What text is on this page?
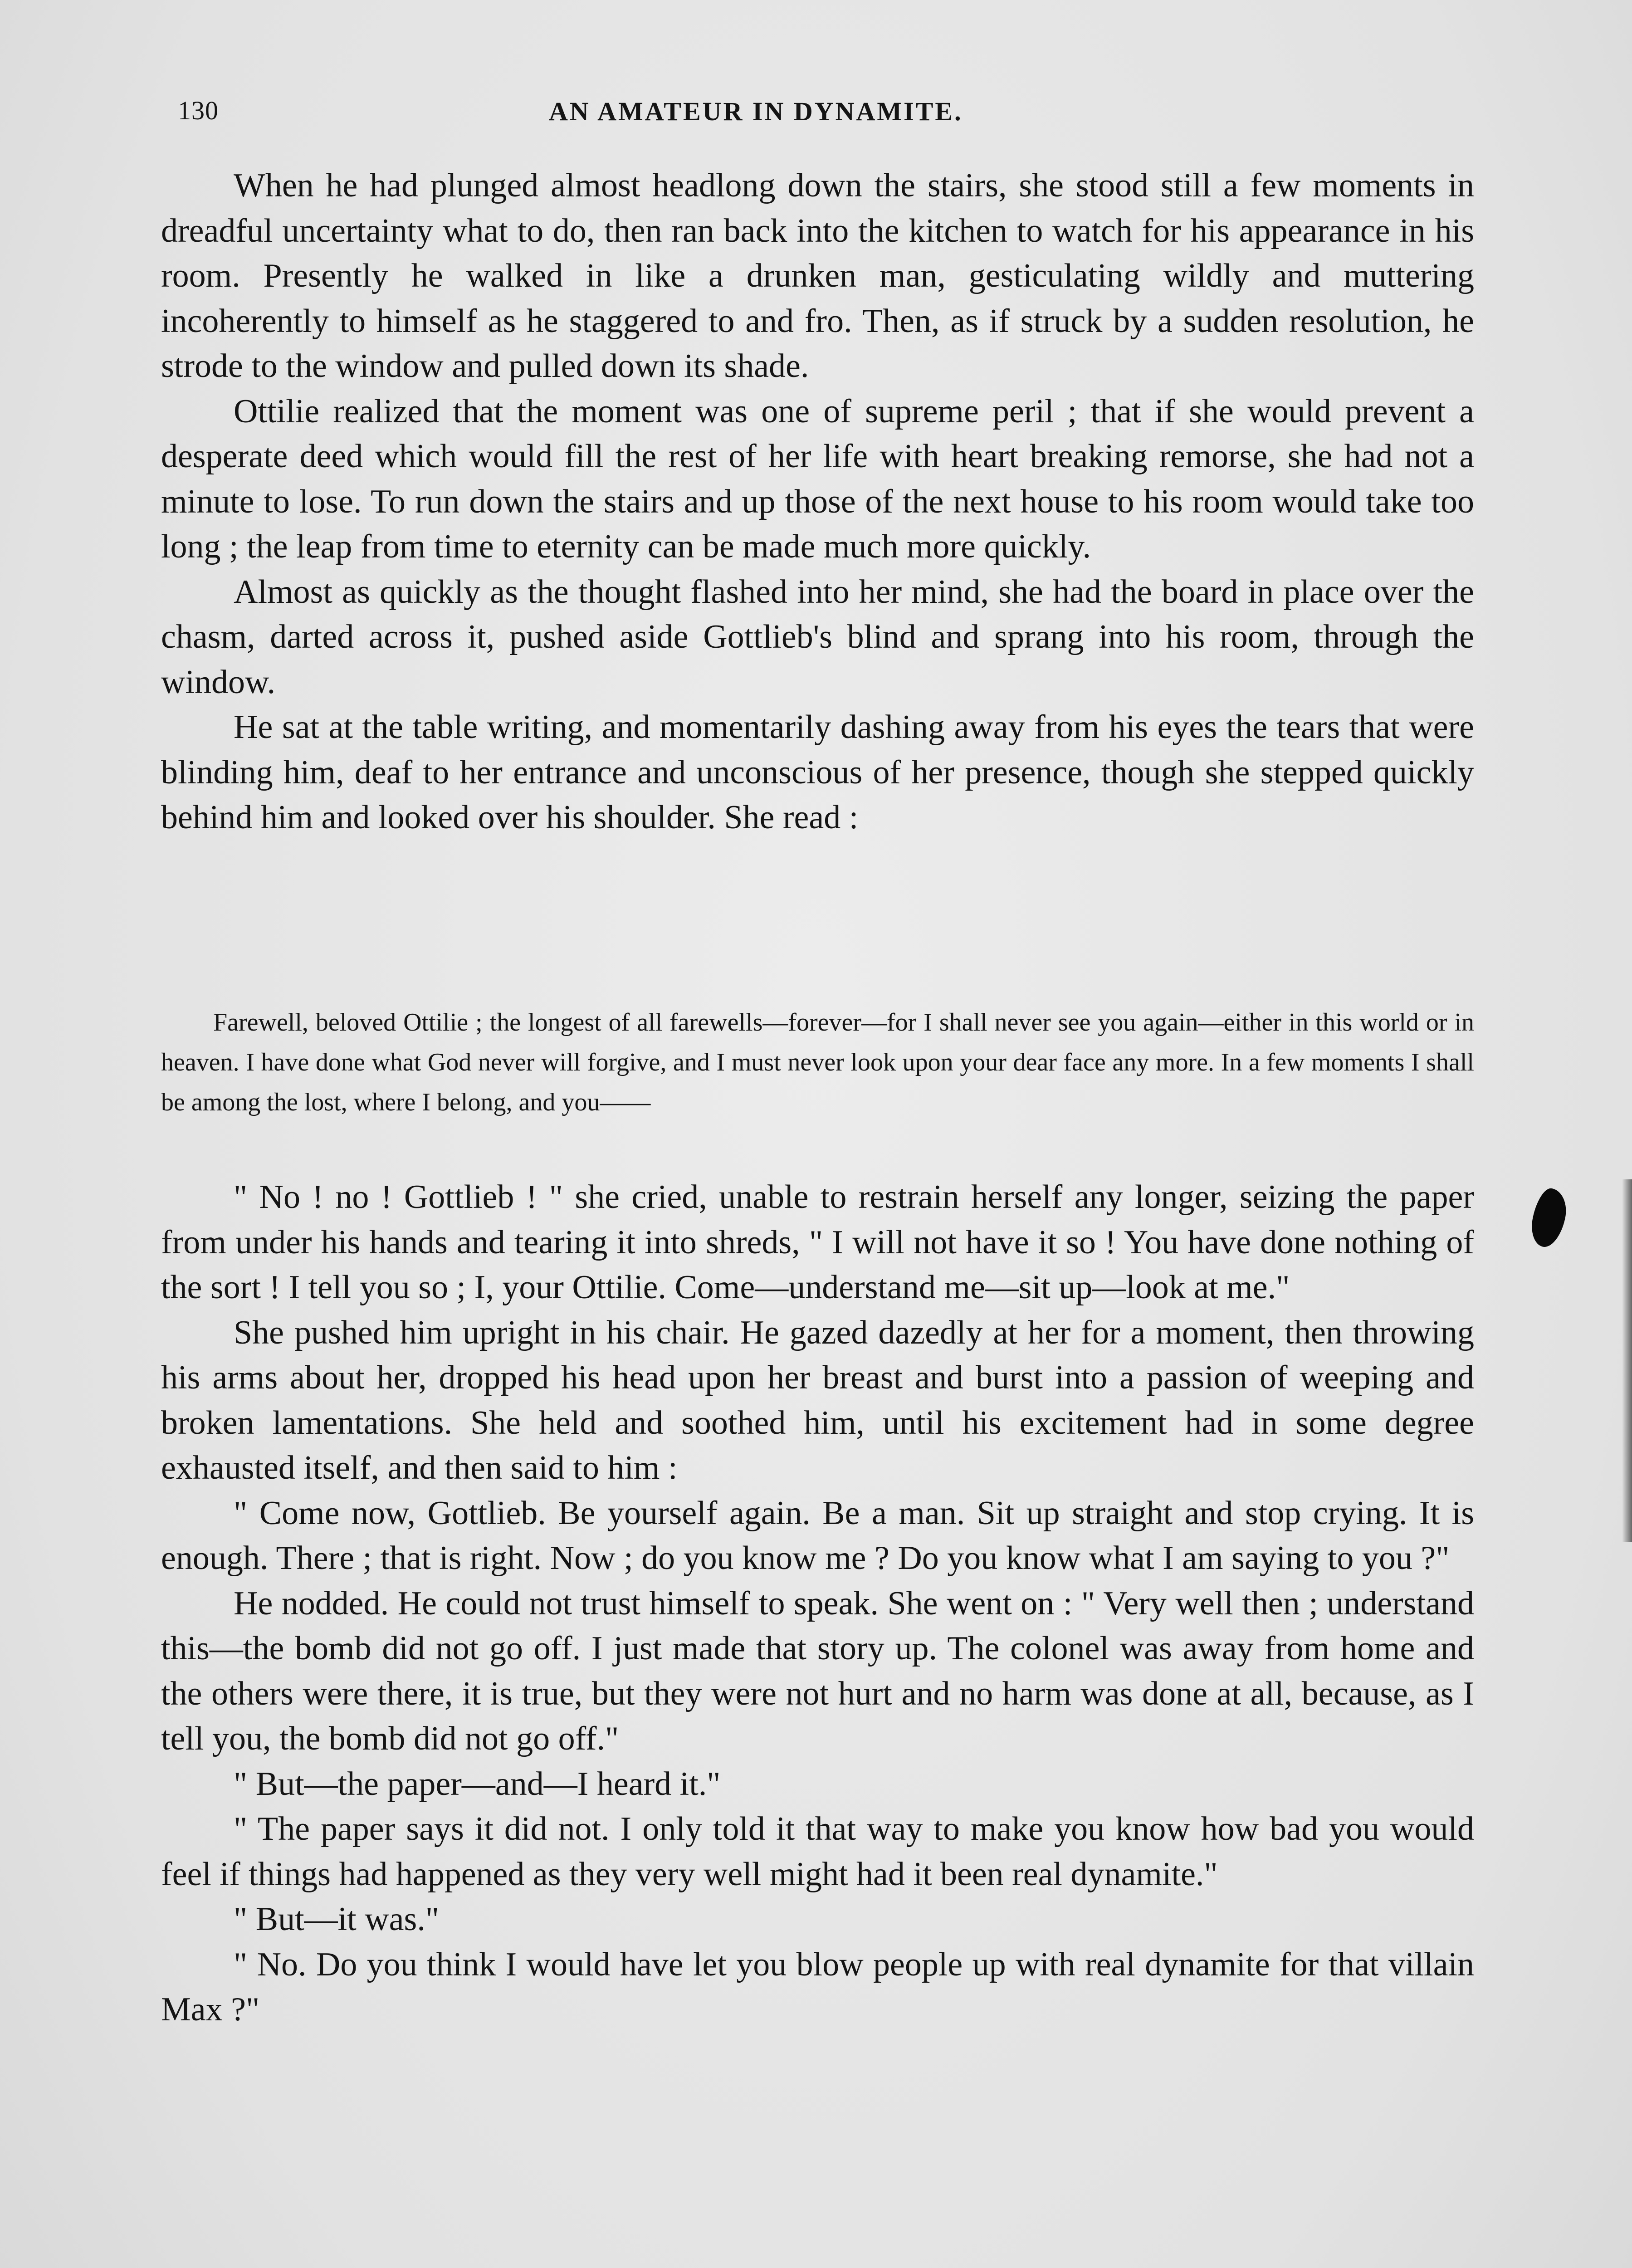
130	AN AMATEUR IN DYNAMITE.

When he had plunged almost headlong down the stairs, she stood still a few moments in dreadful uncertainty what to do, then ran back into the kitchen to watch for his appearance in his room. Presently he walked in like a drunken man, gesticulating wildly and muttering incoherently to himself as he staggered to and fro. Then, as if struck by a sudden resolution, he strode to the window and pulled down its shade.

Ottilie realized that the moment was one of supreme peril ; that if she would prevent a desperate deed which would fill the rest of her life with heart breaking remorse, she had not a minute to lose. To run down the stairs and up those of the next house to his room would take too long ; the leap from time to eternity can be made much more quickly.

Almost as quickly as the thought flashed into her mind, she had the board in place over the chasm, darted across it, pushed aside Gottlieb's blind and sprang into his room, through the window.

He sat at the table writing, and momentarily dashing away from his eyes the tears that were blinding him, deaf to her entrance and unconscious of her presence, though she stepped quickly behind him and looked over his shoulder. She read :

Farewell, beloved Ottilie ; the longest of all farewells—forever—for I shall never see you again—either in this world or in heaven. I have done what God never will forgive, and I must never look upon your dear face any more. In a few moments I shall be among the lost, where I belong, and you——

" No ! no ! Gottlieb ! " she cried, unable to restrain herself any longer, seizing the paper from under his hands and tearing it into shreds, " I will not have it so ! You have done nothing of the sort ! I tell you so ; I, your Ottilie. Come—understand me—sit up—look at me."

She pushed him upright in his chair. He gazed dazedly at her for a moment, then throwing his arms about her, dropped his head upon her breast and burst into a passion of weeping and broken lamentations. She held and soothed him, until his excitement had in some degree exhausted itself, and then said to him :

" Come now, Gottlieb. Be yourself again. Be a man. Sit up straight and stop crying. It is enough. There ; that is right. Now ; do you know me ? Do you know what I am saying to you ?"

He nodded. He could not trust himself to speak. She went on : " Very well then ; understand this—the bomb did not go off. I just made that story up. The colonel was away from home and the others were there, it is true, but they were not hurt and no harm was done at all, because, as I tell you, the bomb did not go off."

" But—the paper—and—I heard it."

" The paper says it did not. I only told it that way to make you know how bad you would feel if things had happened as they very well might had it been real dynamite."

" But—it was."

" No. Do you think I would have let you blow people up with real dynamite for that villain Max ?"
